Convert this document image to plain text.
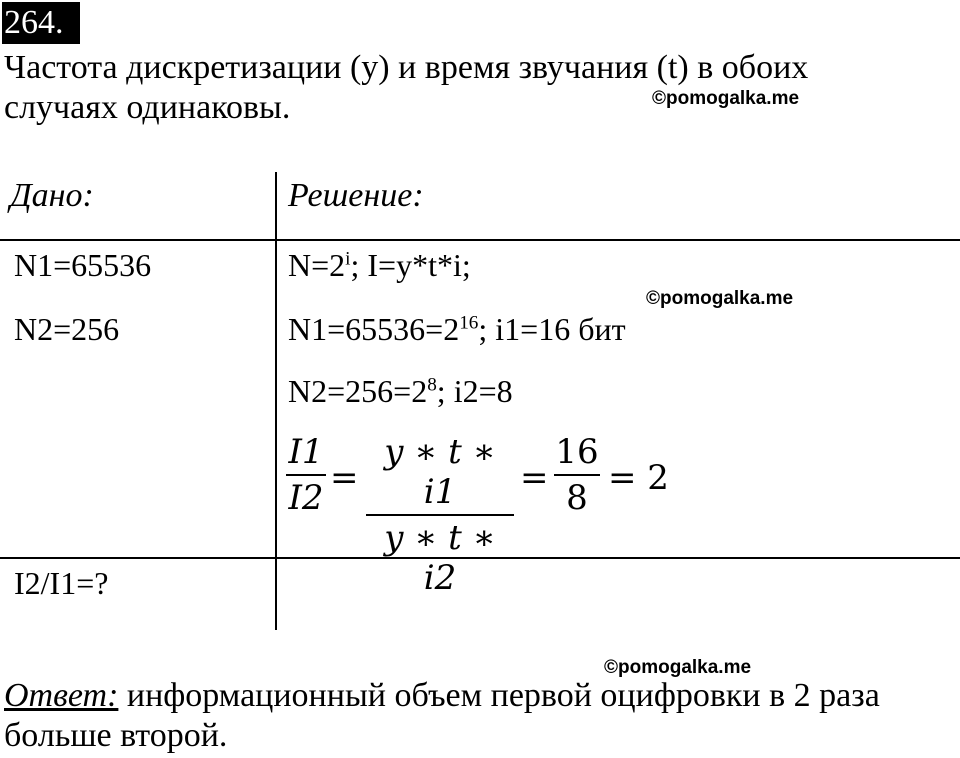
264.
Частота дискретизации (y) и время звучания (t) в обоих
случаях одинаковы.	©pomogalka.me
Дано:	Решение:
N1=65536
N2=256
I2/I1=?
$N=2^i$; I=y*t*i;
©pomogalka.me
$N1=65536=2^{16}$; i1=16 бит
$N2=256=2^8$; i2=8
I1
I2 =
y ∗ t ∗ i1
y ∗ t ∗ i2
=
16
8 = 2
©pomogalka.me
Ответ: информационный объем первой оцифровки в 2 раза
больше второй.
